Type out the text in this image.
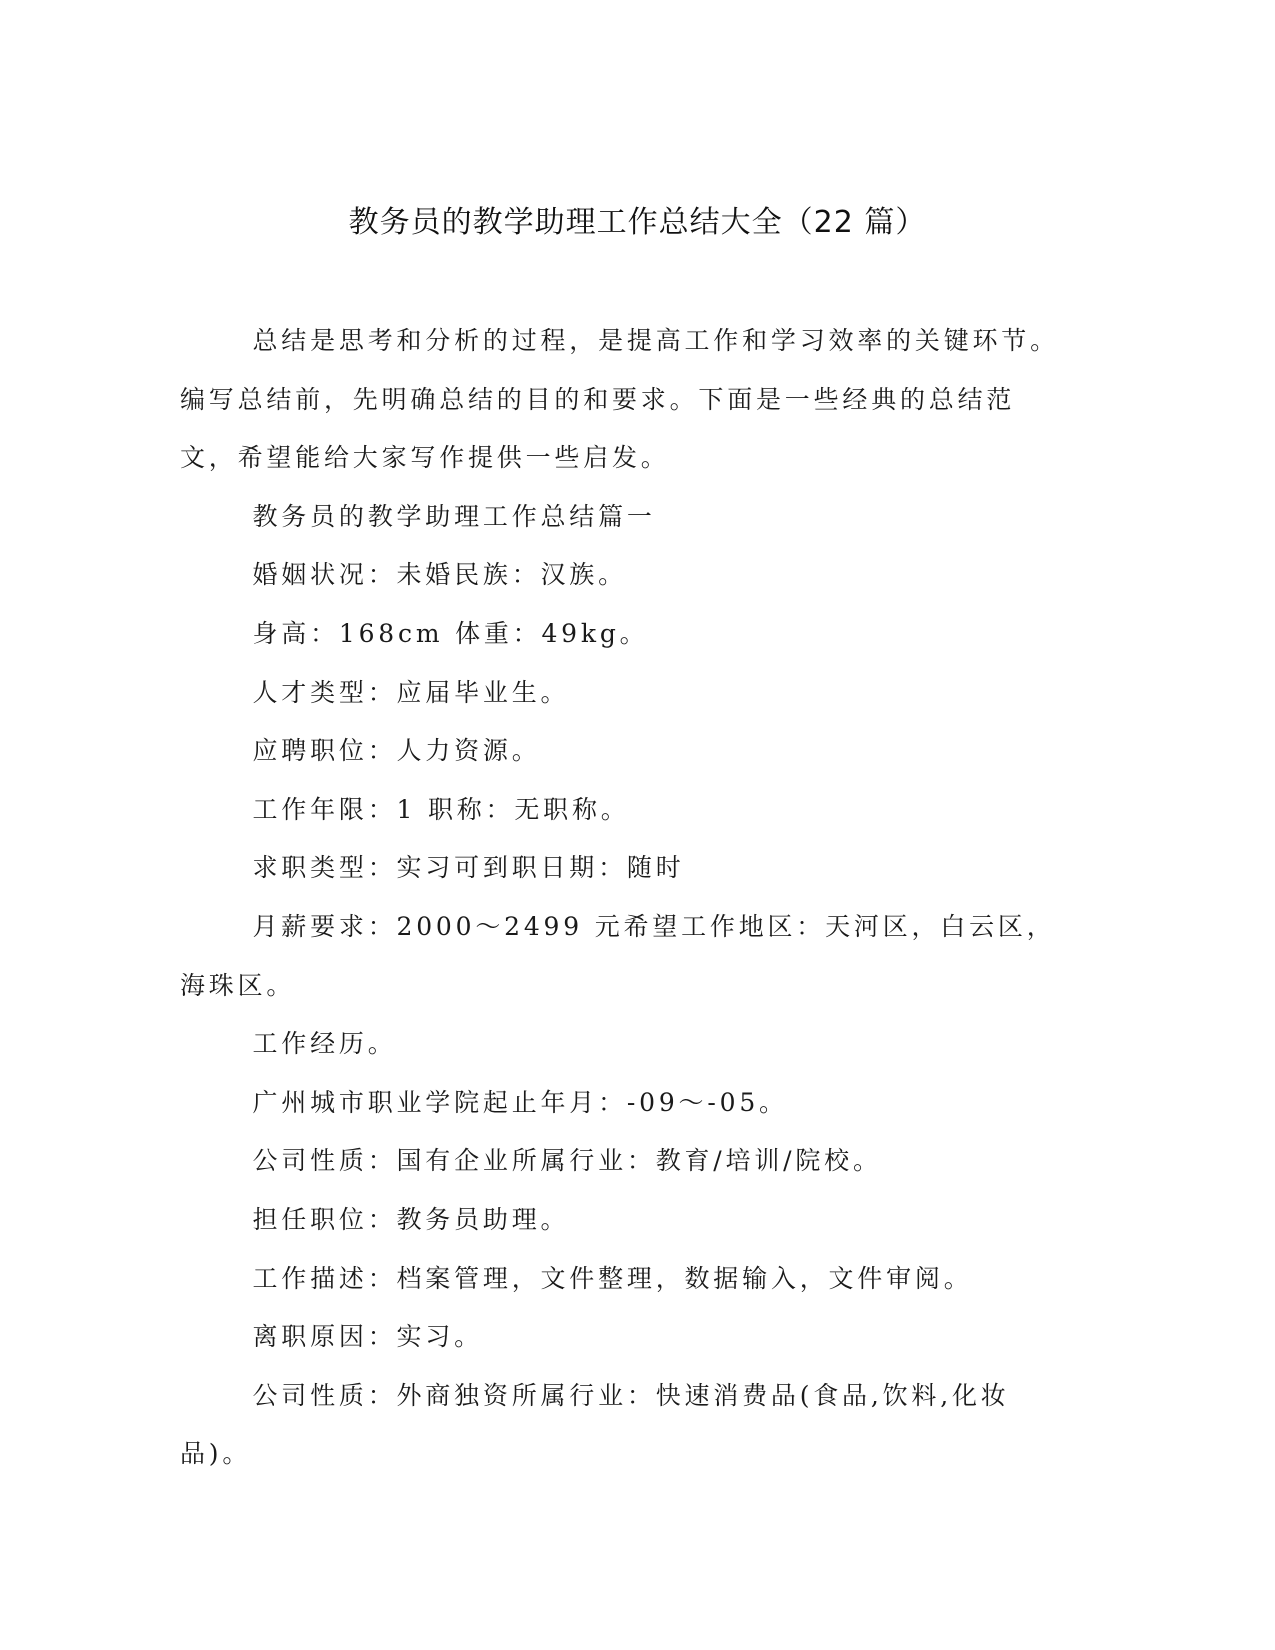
教务员的教学助理工作总结大全（22 篇）

总结是思考和分析的过程，是提高工作和学习效率的关键环节。编写总结前，先明确总结的目的和要求。下面是一些经典的总结范文，希望能给大家写作提供一些启发。

教务员的教学助理工作总结篇一

婚姻状况：未婚民族：汉族。

身高：168cm 体重：49kg。

人才类型：应届毕业生。

应聘职位：人力资源。

工作年限：1 职称：无职称。

求职类型：实习可到职日期：随时

月薪要求：2000～2499 元希望工作地区：天河区，白云区，海珠区。

工作经历。

广州城市职业学院起止年月：-09～-05。

公司性质：国有企业所属行业：教育/培训/院校。

担任职位：教务员助理。

工作描述：档案管理，文件整理，数据输入，文件审阅。

离职原因：实习。

公司性质：外商独资所属行业：快速消费品(食品,饮料,化妆品)。
